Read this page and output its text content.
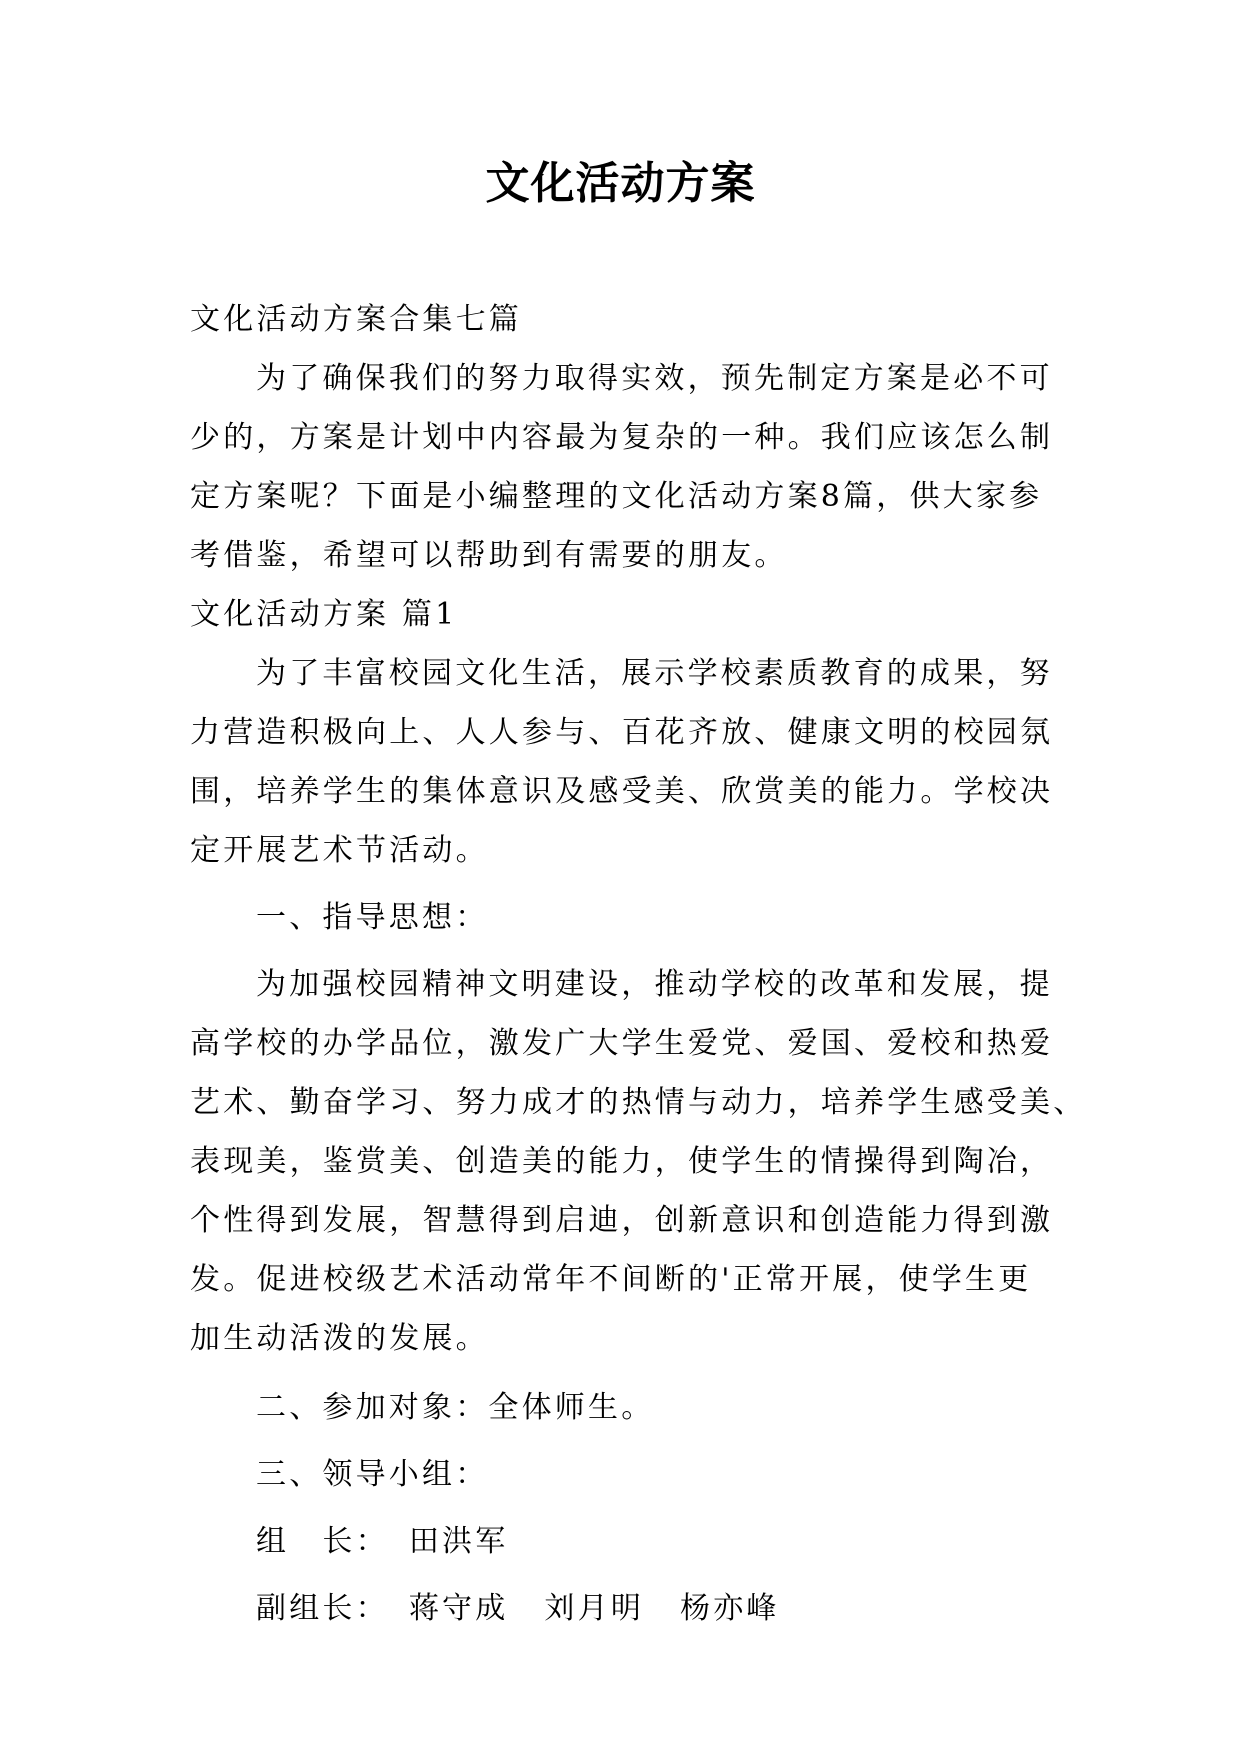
文化活动方案
文化活动方案合集七篇
为了确保我们的努力取得实效，预先制定方案是必不可
少的，方案是计划中内容最为复杂的一种。我们应该怎么制
定方案呢？下面是小编整理的文化活动方案8篇，供大家参
考借鉴，希望可以帮助到有需要的朋友。
文化活动方案 篇1
为了丰富校园文化生活，展示学校素质教育的成果，努
力营造积极向上、人人参与、百花齐放、健康文明的校园氛
围，培养学生的集体意识及感受美、欣赏美的能力。学校决
定开展艺术节活动。
一、指导思想：
为加强校园精神文明建设，推动学校的改革和发展，提
高学校的办学品位，激发广大学生爱党、爱国、爱校和热爱
艺术、勤奋学习、努力成才的热情与动力，培养学生感受美、
表现美，鉴赏美、创造美的能力，使学生的情操得到陶冶，
个性得到发展，智慧得到启迪，创新意识和创造能力得到激
发。促进校级艺术活动常年不间断的'正常开展，使学生更
加生动活泼的发展。
二、参加对象：全体师生。
三、领导小组：
组　长： 田洪军
副组长： 蒋守成 刘月明 杨亦峰
